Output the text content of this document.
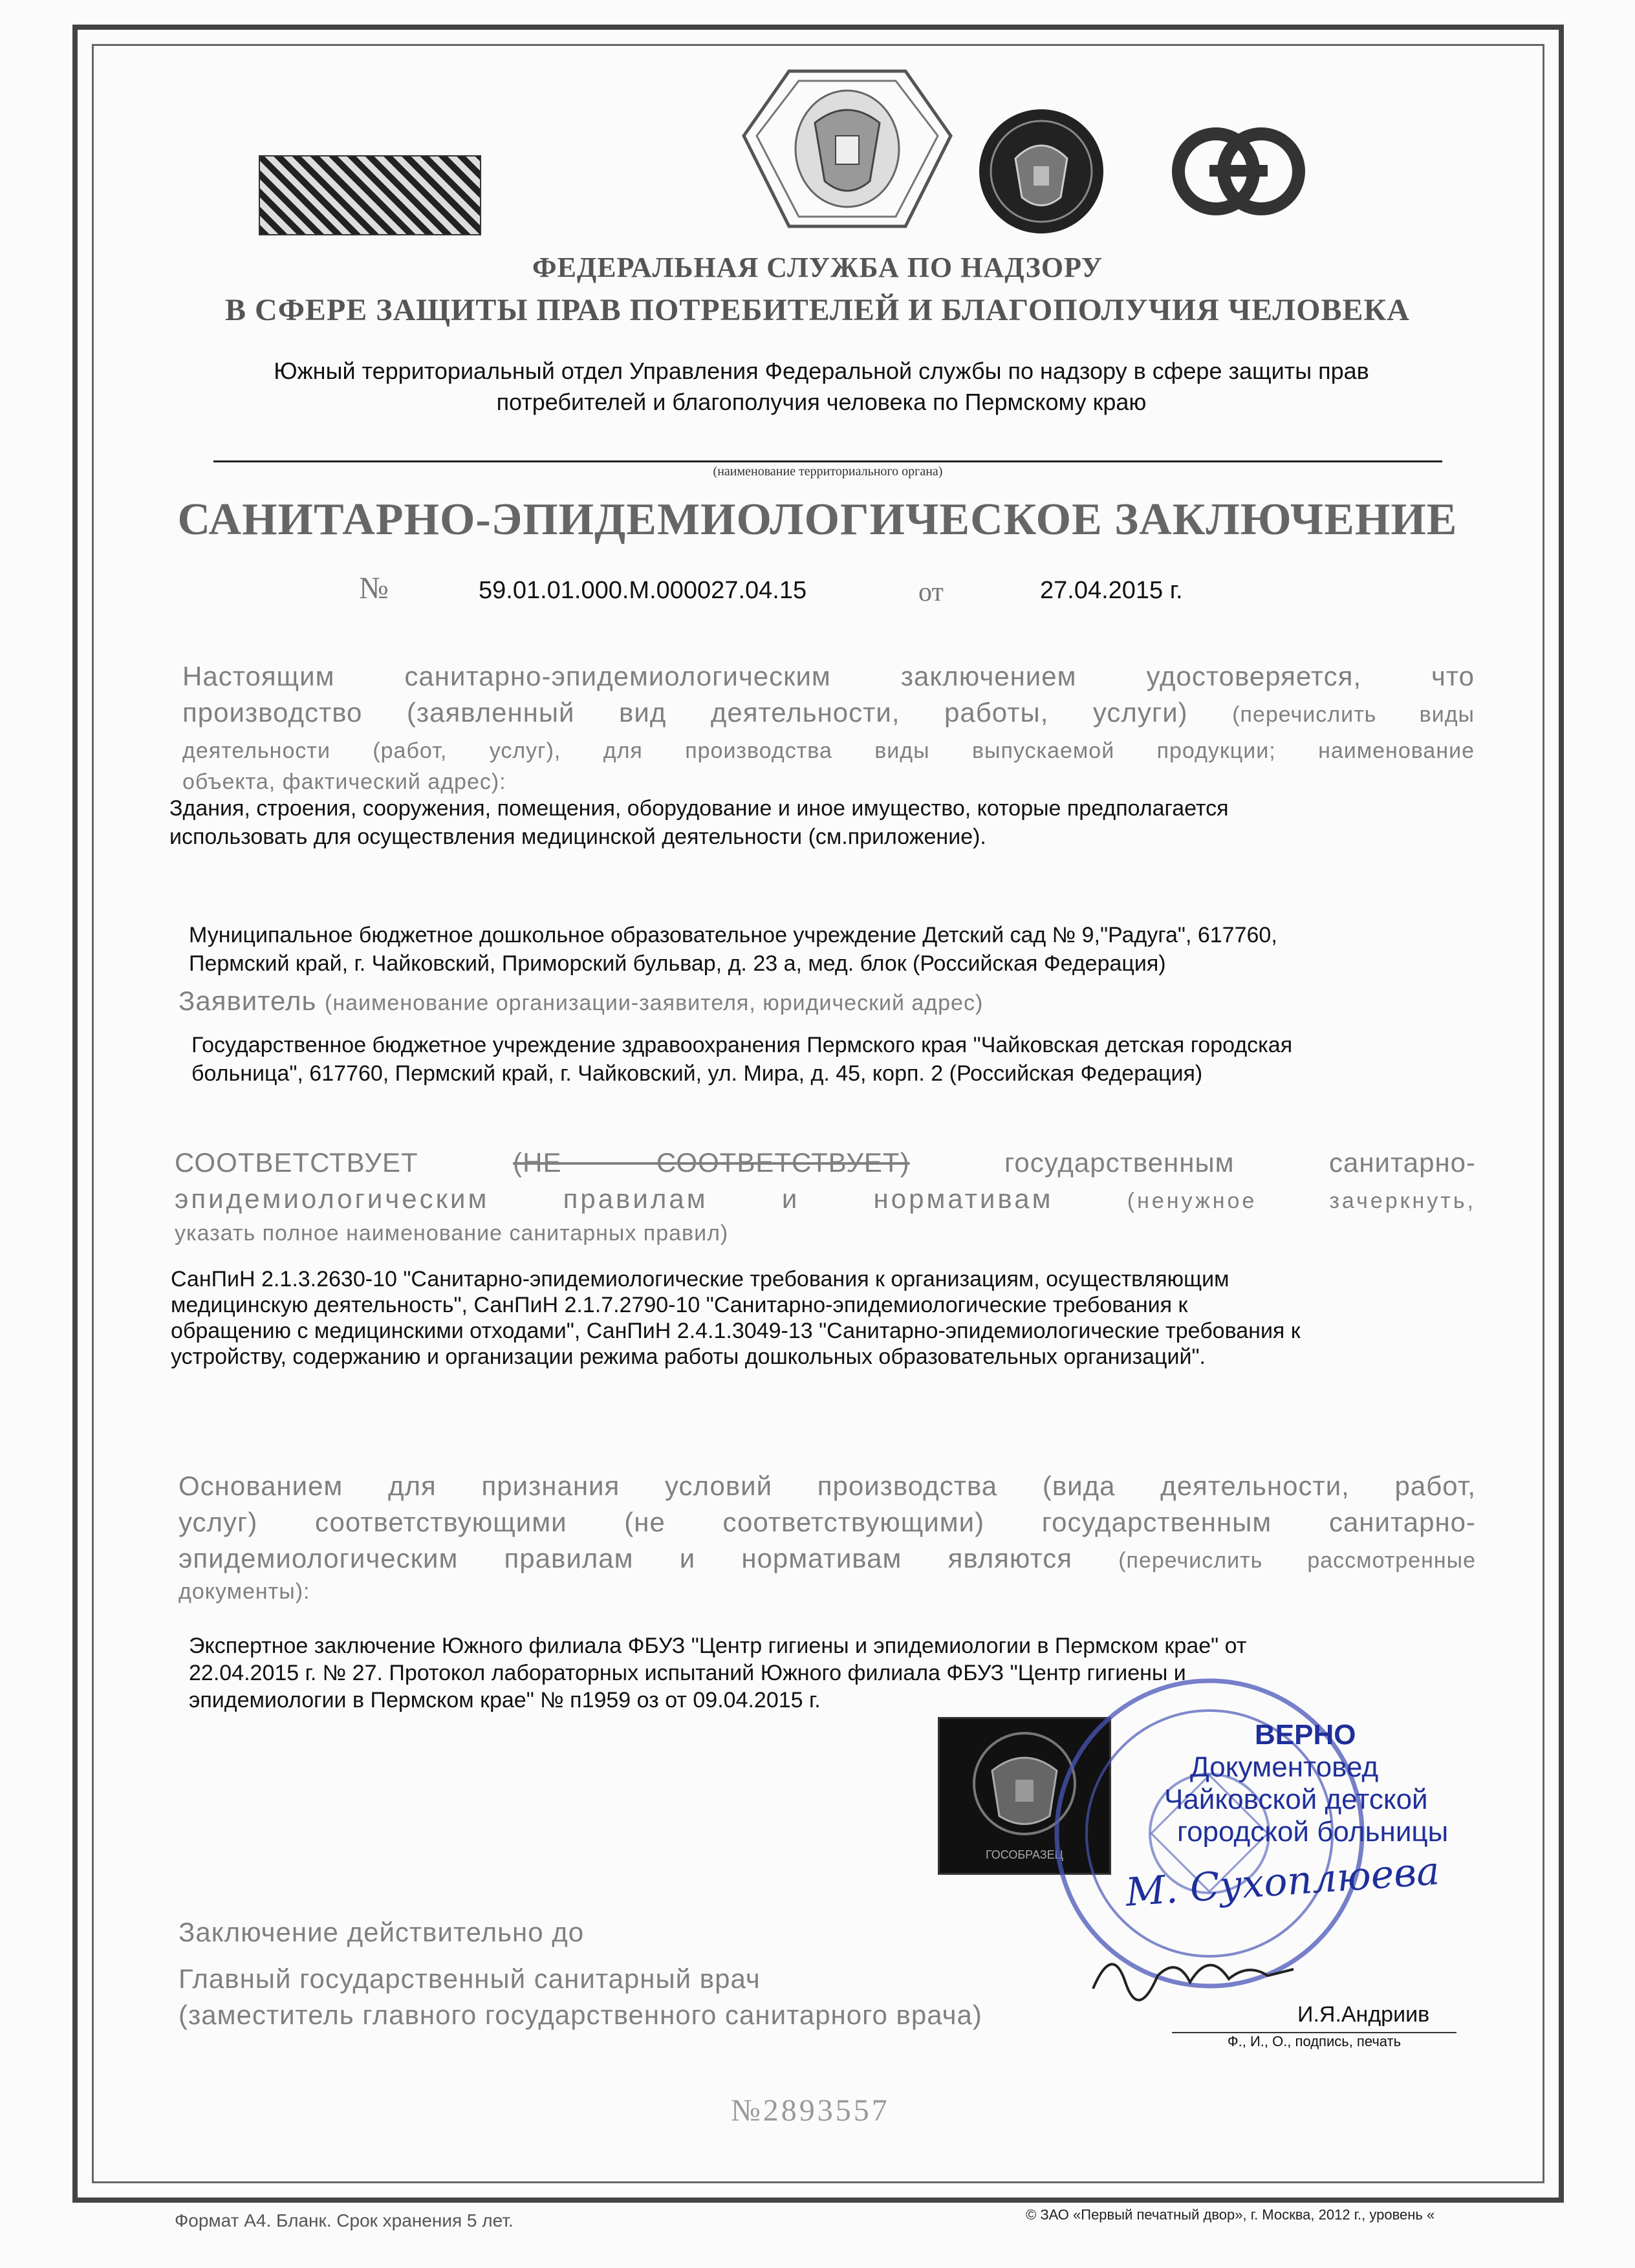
ФЕДЕРАЛЬНАЯ СЛУЖБА ПО НАДЗОРУ
В СФЕРЕ ЗАЩИТЫ ПРАВ ПОТРЕБИТЕЛЕЙ И БЛАГОПОЛУЧИЯ ЧЕЛОВЕКА
Южный территориальный отдел Управления Федеральной службы по надзору в сфере защиты прав
потребителей и благополучия человека по Пермскому краю
(наименование территориального органа)
САНИТАРНО-ЭПИДЕМИОЛОГИЧЕСКОЕ ЗАКЛЮЧЕНИЕ
№	59.01.01.000.М.000027.04.15	от	27.04.2015 г.
Настоящим санитарно-эпидемиологическим заключением удостоверяется, что
производство (заявленный вид деятельности, работы, услуги) (перечислить виды
деятельности (работ, услуг), для производства виды выпускаемой продукции; наименование
объекта, фактический адрес):
Здания, строения, сооружения, помещения, оборудование и иное имущество, которые предполагается
использовать для осуществления медицинской деятельности (см.приложение).
Муниципальное бюджетное дошкольное образовательное учреждение Детский сад № 9,"Радуга", 617760,
Пермский край, г. Чайковский, Приморский бульвар, д. 23 а, мед. блок (Российская Федерация)
Заявитель (наименование организации-заявителя, юридический адрес)
Государственное бюджетное учреждение здравоохранения Пермского края "Чайковская детская городская
больница", 617760, Пермский край, г. Чайковский, ул. Мира, д. 45, корп. 2 (Российская Федерация)
СООТВЕТСТВУЕТ	(НЕ СООТВЕТСТВУЕТ)	государственным санитарно-
эпидемиологическим правилам и нормативам	(ненужное зачеркнуть,
указать полное наименование санитарных правил)
СанПиН 2.1.3.2630-10 "Санитарно-эпидемиологические требования к организациям, осуществляющим
медицинскую деятельность", СанПиН 2.1.7.2790-10 "Санитарно-эпидемиологические требования к
обращению с медицинскими отходами", СанПиН 2.4.1.3049-13 "Санитарно-эпидемиологические требования к
устройству, содержанию и организации режима работы дошкольных образовательных организаций".
Основанием для признания условий производства (вида деятельности, работ,
услуг) соответствующими (не соответствующими) государственным санитарно-
эпидемиологическим правилам и нормативам являются (перечислить рассмотренные
документы):
Экспертное заключение Южного филиала ФБУЗ "Центр гигиены и эпидемиологии в Пермском крае" от
22.04.2015 г. № 27. Протокол лабораторных испытаний Южного филиала ФБУЗ "Центр гигиены и
эпидемиологии в Пермском крае" № п1959 оз от 09.04.2015 г.
ГОСОБРАЗЕЦ
ВЕРНО
Документовед
Чайковской детской
городской больницы
М. Сухоплюева
Заключение действительно до
Главный государственный санитарный врач
(заместитель главного государственного санитарного врача)	И.Я.Андриив
Ф., И., О., подпись, печать
№2893557
Формат А4. Бланк. Срок хранения 5 лет.	© ЗАО «Первый печатный двор», г. Москва, 2012 г., уровень «
